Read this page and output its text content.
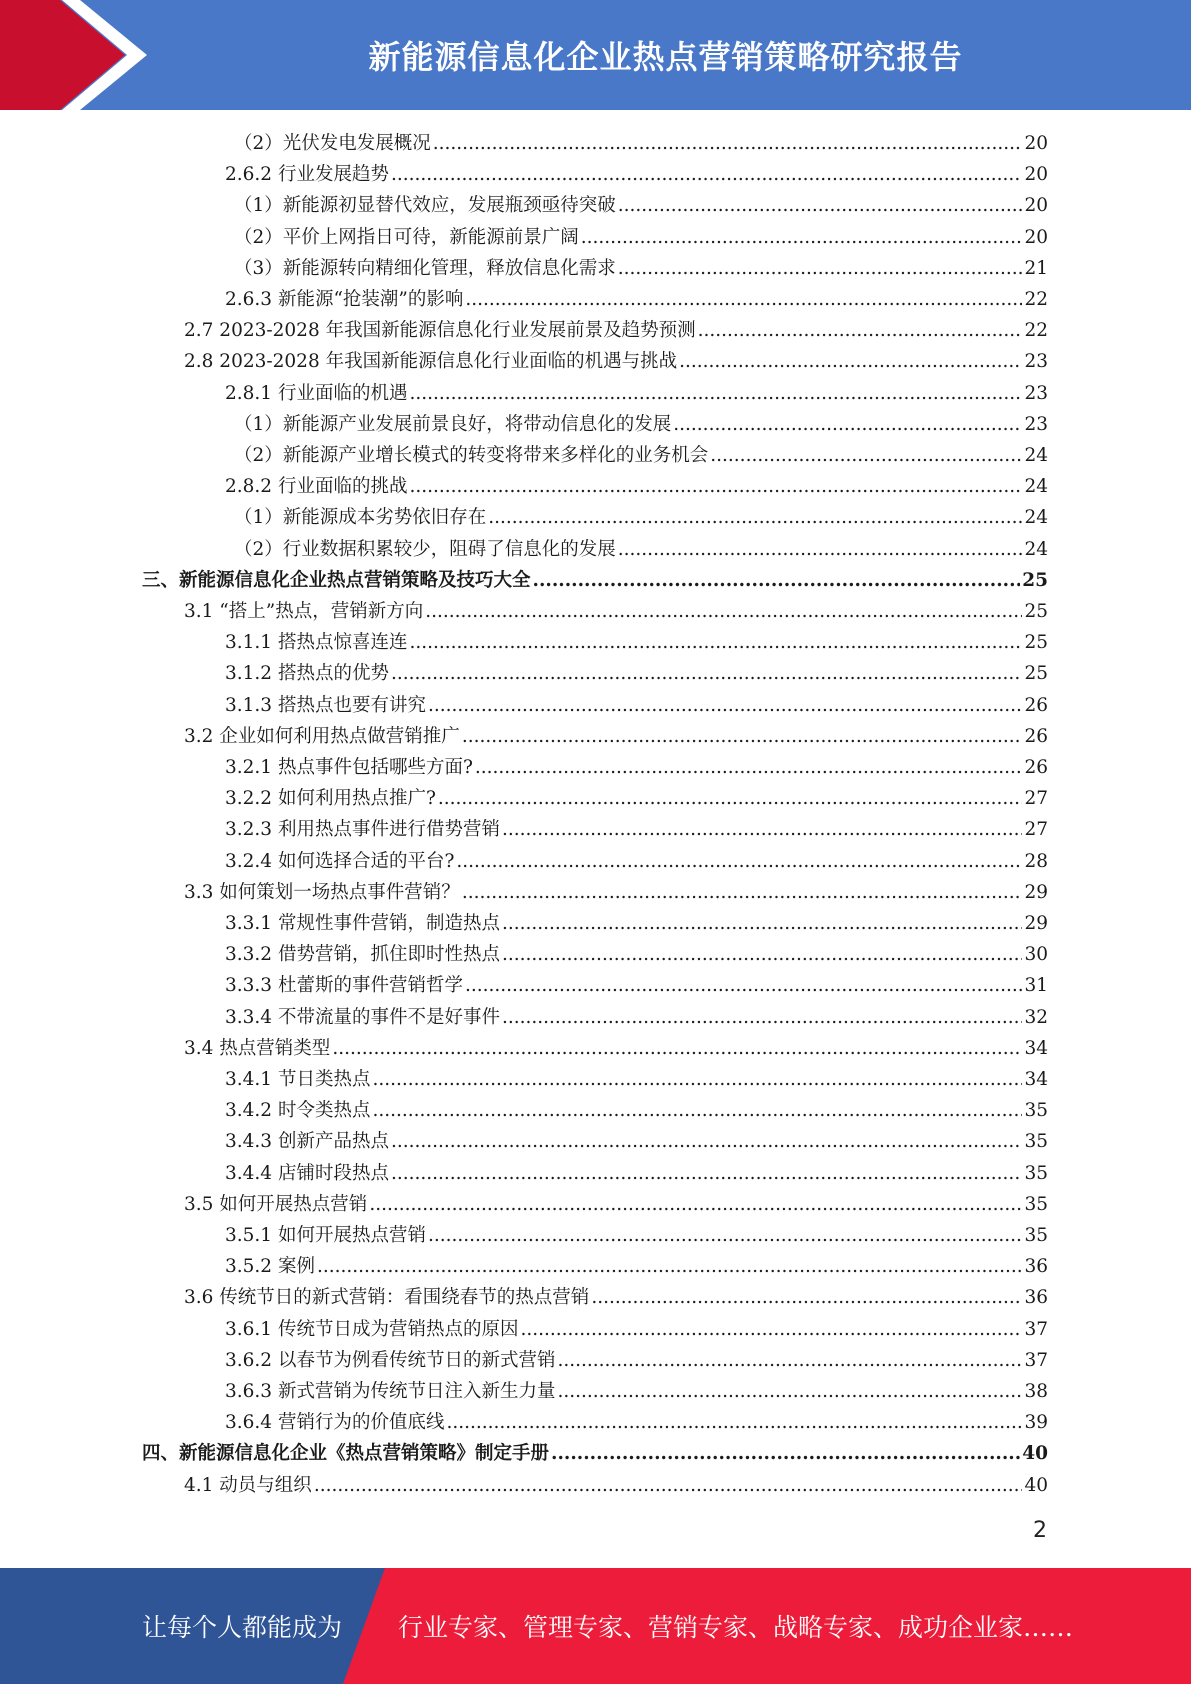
新能源信息化企业热点营销策略研究报告
（2）光伏发电发展概况 .....	20
2.6.2 行业发展趋势 .....	20
（1）新能源初显替代效应，发展瓶颈亟待突破 .....	20
（2）平价上网指日可待，新能源前景广阔 .....	20
（3）新能源转向精细化管理，释放信息化需求 .....	21
2.6.3 新能源“抢装潮”的影响 .....	22
2.7 2023-2028 年我国新能源信息化行业发展前景及趋势预测 .....	22
2.8 2023-2028 年我国新能源信息化行业面临的机遇与挑战 .....	23
2.8.1 行业面临的机遇 .....	23
（1）新能源产业发展前景良好，将带动信息化的发展 .....	23
（2）新能源产业增长模式的转变将带来多样化的业务机会 .....	24
2.8.2 行业面临的挑战 .....	24
（1）新能源成本劣势依旧存在 .....	24
（2）行业数据积累较少，阻碍了信息化的发展 .....	24
三、新能源信息化企业热点营销策略及技巧大全 .....	25
3.1 “搭上”热点，营销新方向 .....	25
3.1.1 搭热点惊喜连连 .....	25
3.1.2 搭热点的优势 .....	25
3.1.3 搭热点也要有讲究 .....	26
3.2 企业如何利用热点做营销推广 .....	26
3.2.1 热点事件包括哪些方面? .....	26
3.2.2 如何利用热点推广? .....	27
3.2.3 利用热点事件进行借势营销 .....	27
3.2.4 如何选择合适的平台? .....	28
3.3 如何策划一场热点事件营销？ .....	29
3.3.1 常规性事件营销，制造热点 .....	29
3.3.2 借势营销，抓住即时性热点 .....	30
3.3.3 杜蕾斯的事件营销哲学 .....	31
3.3.4 不带流量的事件不是好事件 .....	32
3.4 热点营销类型 .....	34
3.4.1 节日类热点 .....	34
3.4.2 时令类热点 .....	35
3.4.3 创新产品热点 .....	35
3.4.4 店铺时段热点 .....	35
3.5 如何开展热点营销 .....	35
3.5.1 如何开展热点营销 .....	35
3.5.2 案例 .....	36
3.6 传统节日的新式营销：看围绕春节的热点营销 .....	36
3.6.1 传统节日成为营销热点的原因 .....	37
3.6.2 以春节为例看传统节日的新式营销 .....	37
3.6.3 新式营销为传统节日注入新生力量 .....	38
3.6.4 营销行为的价值底线 .....	39
四、新能源信息化企业《热点营销策略》制定手册 .....	40
4.1 动员与组织 .....	40
2
让每个人都能成为 行业专家、管理专家、营销专家、战略专家、成功企业家……
